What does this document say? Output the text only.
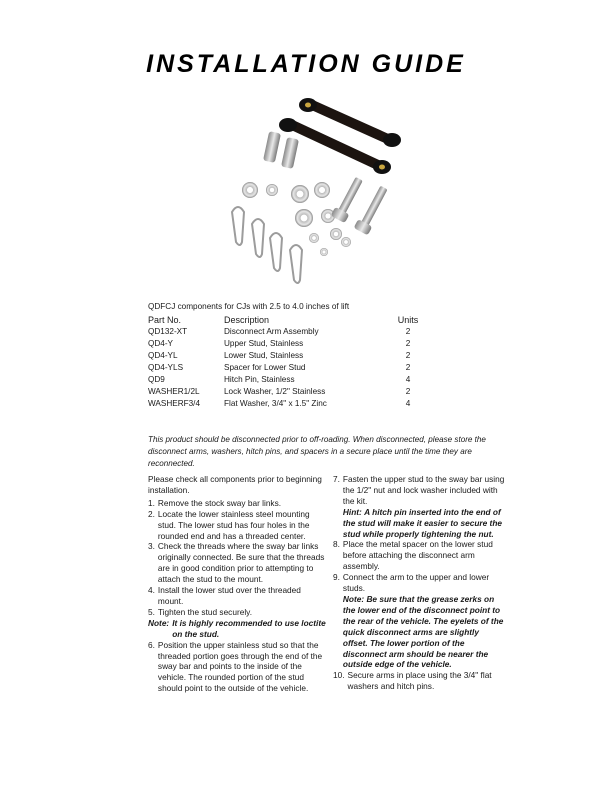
INSTALLATION GUIDE
QDFCJ components for CJs with 2.5 to 4.0 inches of lift
Part No.	Description	Units
QD132-XT	Disconnect Arm Assembly	2
QD4-Y	Upper Stud, Stainless	2
QD4-YL	Lower Stud, Stainless	2
QD4-YLS	Spacer for Lower Stud	2
QD9	Hitch Pin, Stainless	4
WASHER1/2L	Lock Washer, 1/2" Stainless	2
WASHERF3/4	Flat Washer, 3/4" x 1.5" Zinc	4
This product should be disconnected prior to off-roading. When disconnected, please store the disconnect arms, washers, hitch pins, and spacers in a secure place until the time they are reconnected.
Please check all components prior to beginning installation.
1. Remove the stock sway bar links.
2. Locate the lower stainless steel mounting stud. The lower stud has four holes in the rounded end and has a threaded center.
3. Check the threads where the sway bar links originally connected. Be sure that the threads are in good condition prior to attempting to attach the stud to the mount.
4. Install the lower stud over the threaded mount.
5. Tighten the stud securely.
Note: It is highly recommended to use loctite on the stud.
6. Position the upper stainless stud so that the threaded portion goes through the end of the sway bar and points to the inside of the vehicle. The rounded portion of the stud should point to the outside of the vehicle.
7. Fasten the upper stud to the sway bar using the 1/2" nut and lock washer included with the kit.
Hint: A hitch pin inserted into the end of the stud will make it easier to secure the stud while properly tightening the nut.
8. Place the metal spacer on the lower stud before attaching the disconnect arm assembly.
9. Connect the arm to the upper and lower studs.
Note: Be sure that the grease zerks on the lower end of the disconnect point to the rear of the vehicle. The eyelets of the quick disconnect arms are slightly offset. The lower portion of the disconnect arm should be nearer the outside edge of the vehicle.
10. Secure arms in place using the 3/4" flat washers and hitch pins.
